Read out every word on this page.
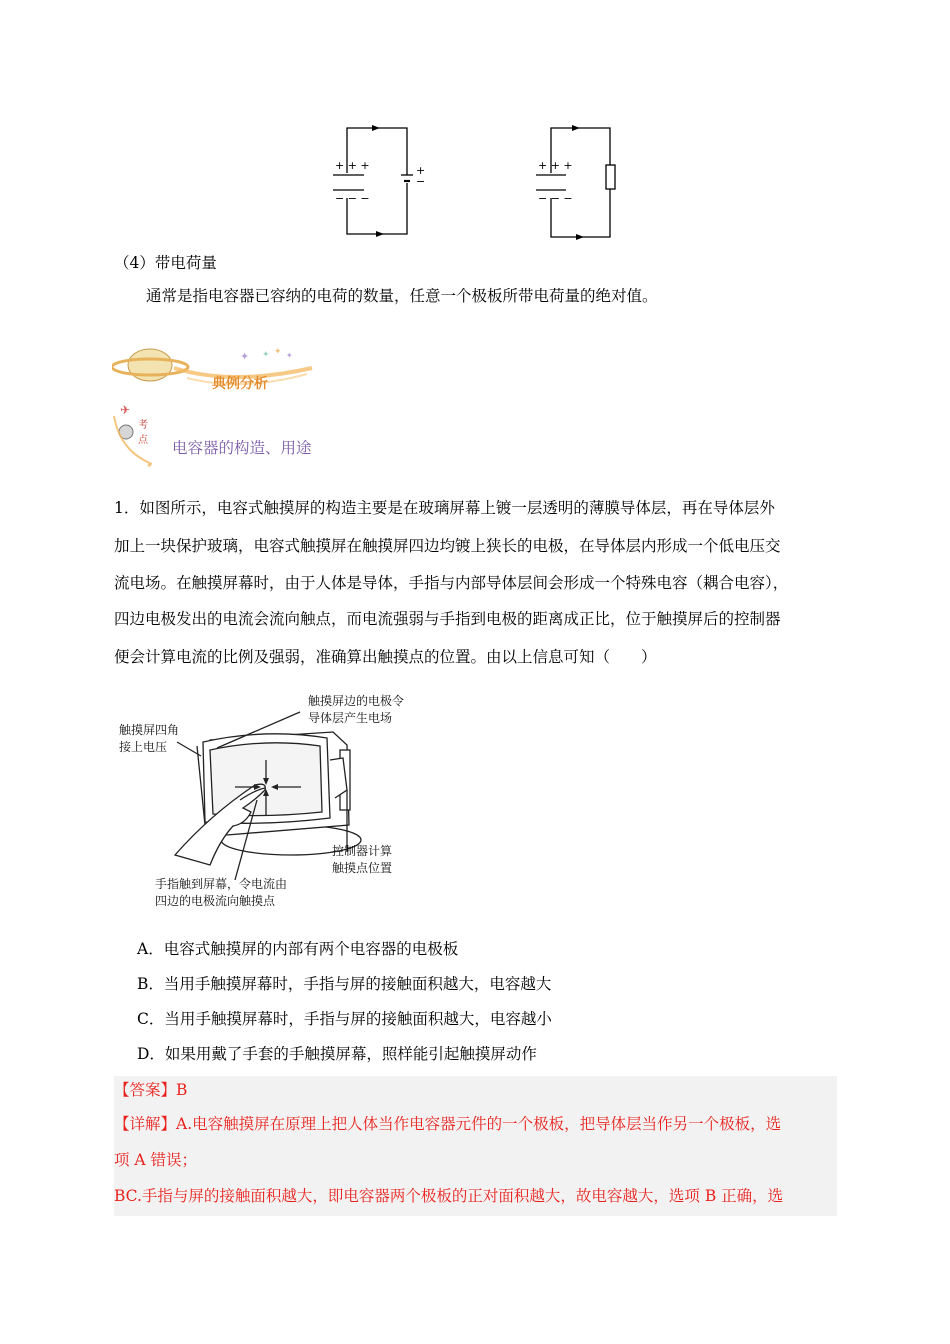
+ + +
− − −
+
−
+ + +
− − −
（4）带电荷量
通常是指电容器已容纳的电荷的数量，任意一个极板所带电荷量的绝对值。
✦ ✦ ✦ ✦
典例分析
✈
考
点
✦
电容器的构造、用途
1．如图所示，电容式触摸屏的构造主要是在玻璃屏幕上镀一层透明的薄膜导体层，再在导体层外
加上一块保护玻璃，电容式触摸屏在触摸屏四边均镀上狭长的电极，在导体层内形成一个低电压交
流电场。在触摸屏幕时，由于人体是导体，手指与内部导体层间会形成一个特殊电容（耦合电容），
四边电极发出的电流会流向触点，而电流强弱与手指到电极的距离成正比，位于触摸屏后的控制器
便会计算电流的比例及强弱，准确算出触摸点的位置。由以上信息可知（　　）
触摸屏边的电极令
导体层产生电场
触摸屏四角
接上电压
控制器计算
触摸点位置
手指触到屏幕，令电流由
四边的电极流向触摸点
A．电容式触摸屏的内部有两个电容器的电极板
B．当用手触摸屏幕时，手指与屏的接触面积越大，电容越大
C．当用手触摸屏幕时，手指与屏的接触面积越大，电容越小
D．如果用戴了手套的手触摸屏幕，照样能引起触摸屏动作
【答案】B
【详解】A.电容触摸屏在原理上把人体当作电容器元件的一个极板，把导体层当作另一个极板，选
项 A 错误；
BC.手指与屏的接触面积越大，即电容器两个极板的正对面积越大，故电容越大，选项 B 正确，选
